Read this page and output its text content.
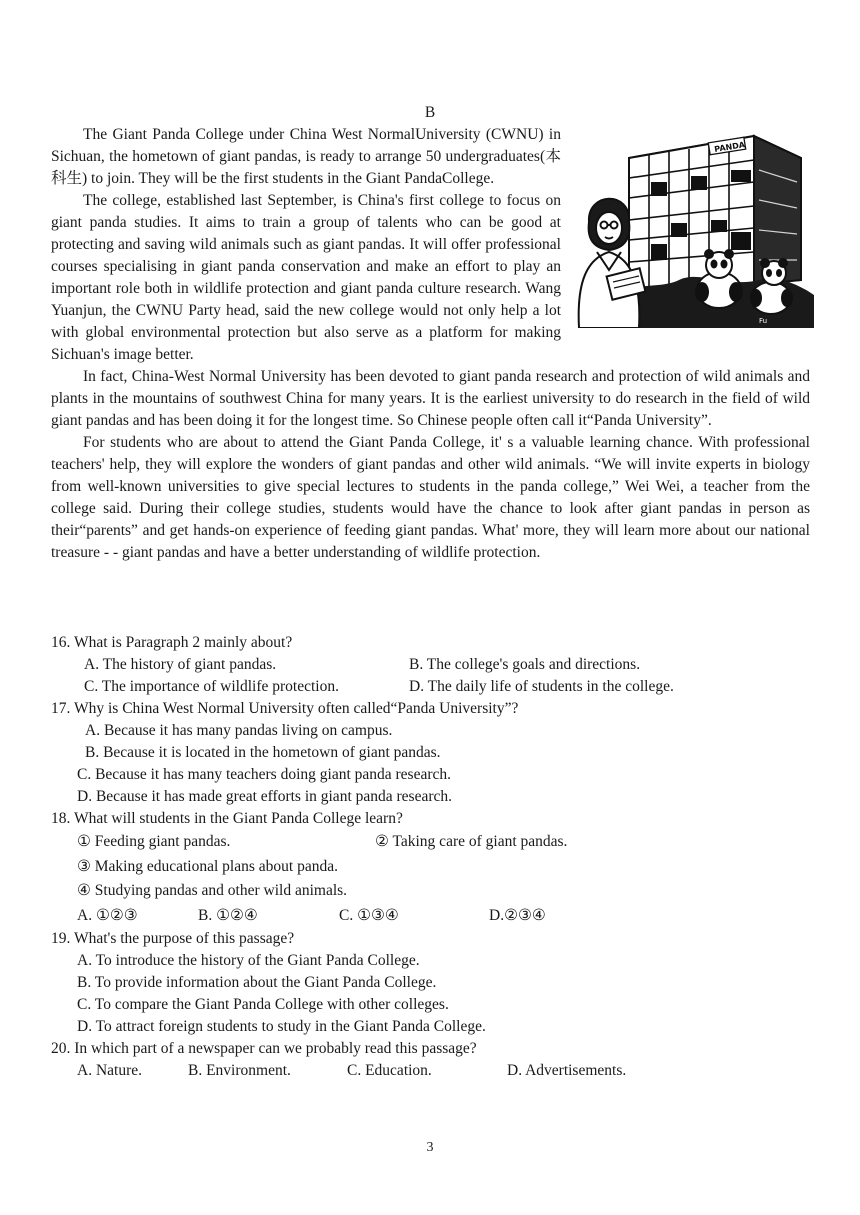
B
PANDA
Fu

The Giant Panda College under China West NormalUniversity (CWNU) in Sichuan, the hometown of giant pandas, is ready to arrange 50 undergraduates(本科生) to join. They will be the first students in the Giant PandaCollege.

The college, established last September, is China's first college to focus on giant panda studies. It aims to train a group of talents who can be good at protecting and saving wild animals such as giant pandas. It will offer professional courses specialising in giant panda conservation and make an effort to play an important role both in wildlife protection and giant panda culture research. Wang Yuanjun, the CWNU Party head, said the new college would not only help a lot with global environmental protection but also serve as a platform for making Sichuan's image better.

In fact, China-West Normal University has been devoted to giant panda research and protection of wild animals and plants in the mountains of southwest China for many years. It is the earliest university to do research in the field of wild giant pandas and has been doing it for the longest time. So Chinese people often call it“Panda University”.

For students who are about to attend the Giant Panda College, it' s a valuable learning chance. With professional teachers' help, they will explore the wonders of giant pandas and other wild animals. “We will invite experts in biology from well-known universities to give special lectures to students in the panda college,” Wei Wei, a teacher from the college said. During their college studies, students would have the chance to look after giant pandas in person as their“parents” and get hands-on experience of feeding giant pandas. What' more, they will learn more about our national treasure - - giant pandas and have a better understanding of wildlife protection.

16. What is Paragraph 2 mainly about?
A. The history of giant pandas.	B. The college's goals and directions.
C. The importance of wildlife protection.	D. The daily life of students in the college.
17. Why is China West Normal University often called“Panda University”?
A. Because it has many pandas living on campus.
B. Because it is located in the hometown of giant pandas.
C. Because it has many teachers doing giant panda research.
D. Because it has made great efforts in giant panda research.
18. What will students in the Giant Panda College learn?
① Feeding giant pandas.	② Taking care of giant pandas.
③ Making educational plans about panda.
④ Studying pandas and other wild animals.
A. ①②③	B. ①②④	C. ①③④	D.②③④
19. What's the purpose of this passage?
A. To introduce the history of the Giant Panda College.
B. To provide information about the Giant Panda College.
C. To compare the Giant Panda College with other colleges.
D. To attract foreign students to study in the Giant Panda College.
20. In which part of a newspaper can we probably read this passage?
A. Nature.	B. Environment.	C. Education.	D. Advertisements.
3
